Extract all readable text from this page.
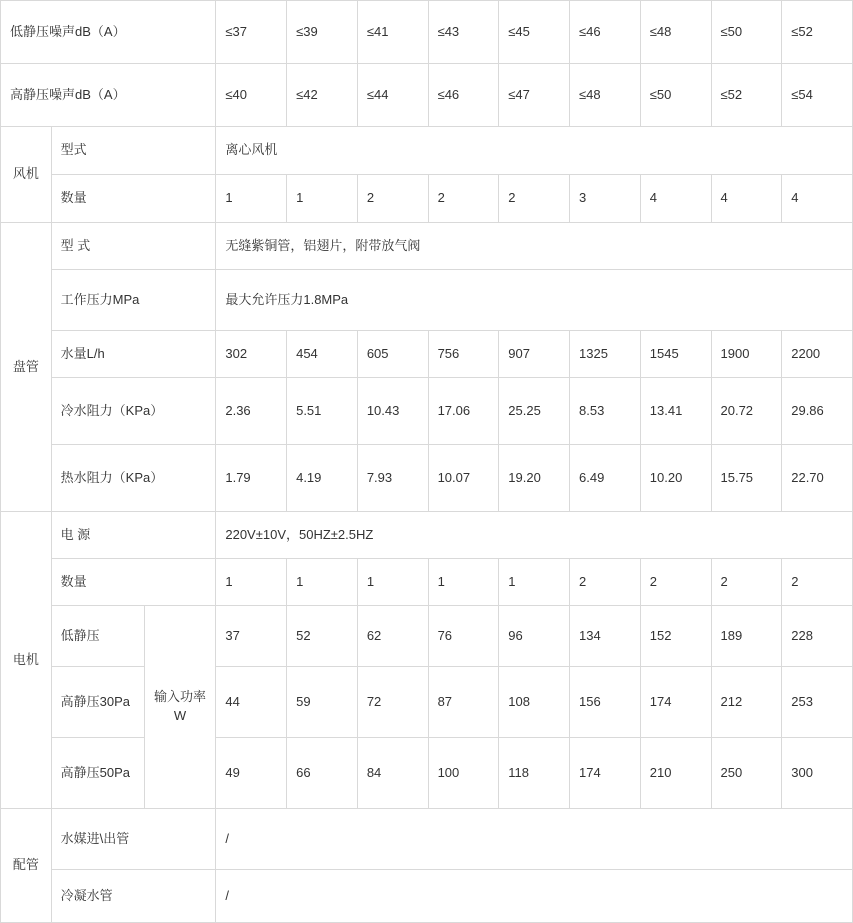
低静压噪声dB（A）			≤37	≤39	≤41	≤43	≤45	≤46	≤48	≤50	≤52
高静压噪声dB（A）			≤40	≤42	≤44	≤46	≤47	≤48	≤50	≤52	≤54
风机	型式		离心风机								
	数量		1	1	2	2	2	3	4	4	4
盘管	型 式		无缝紫铜管，铝翅片，附带放气阀								
	工作压力MPa		最大允许压力1.8MPa								
	水量L/h		302	454	605	756	907	1325	1545	1900	2200
	冷水阻力（KPa）		2.36	5.51	10.43	17.06	25.25	8.53	13.41	20.72	29.86
	热水阻力（KPa）		1.79	4.19	7.93	10.07	19.20	6.49	10.20	15.75	22.70
电机	电 源		220V±10V，50HZ±2.5HZ								
	数量		1	1	1	1	1	2	2	2	2
	低静压	输入功率W	37	52	62	76	96	134	152	189	228
	高静压30Pa		44	59	72	87	108	156	174	212	253
	高静压50Pa		49	66	84	100	118	174	210	250	300
配管	水媒进\出管		/								
	冷凝水管		/								
